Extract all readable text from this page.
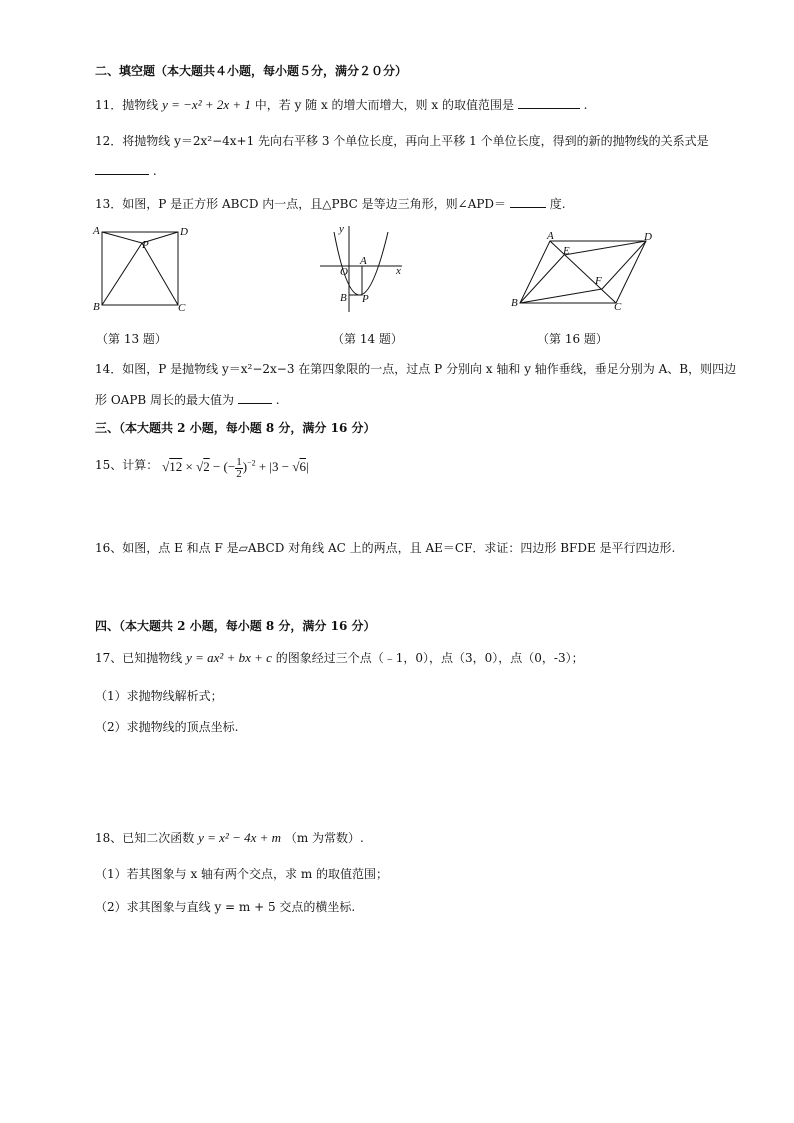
二、填空题（本大题共４小题，每小题５分，满分２０分）
11．抛物线 y = −x² + 2x + 1 中，若 y 随 x 的增大而增大，则 x 的取值范围是	.
12．将抛物线 y＝2x²−4x+1 先向右平移 3 个单位长度，再向上平移 1 个单位长度，得到的新的抛物线的关系式是
.
13．如图，P 是正方形 ABCD 内一点，且△PBC 是等边三角形，则∠APD＝	度.
A
P
D
B	C
y
O
A
x
B P
A
E
D
F
B	C
（第 13 题）	（第 14 题）	（第 16 题）
14．如图，P 是抛物线 y＝x²−2x−3 在第四象限的一点，过点 P 分别向 x 轴和 y 轴作垂线，垂足分别为 A、B，则四边
形 OAPB 周长的最大值为	.
三、（本大题共 2 小题，每小题 8 分，满分 16 分）
15、计算： √12 × √2 − (− $\frac{1}{2} )^{-2} + |3 - √6|$
16、如图，点 E 和点 F 是▱ABCD 对角线 AC 上的两点，且 AE＝CF．求证：四边形 BFDE 是平行四边形.
四、（本大题共 2 小题，每小题 8 分，满分 16 分）
17、已知抛物线 y = ax² + bx + c 的图象经过三个点（﹣1，0），点（3，0），点（0，-3）；
（1）求抛物线解析式；
（2）求抛物线的顶点坐标.
18、已知二次函数 y = x² − 4x + m （m 为常数）.
（1）若其图象与 x 轴有两个交点，求 m 的取值范围；
（2）求其图象与直线 y = m + 5 交点的横坐标.
